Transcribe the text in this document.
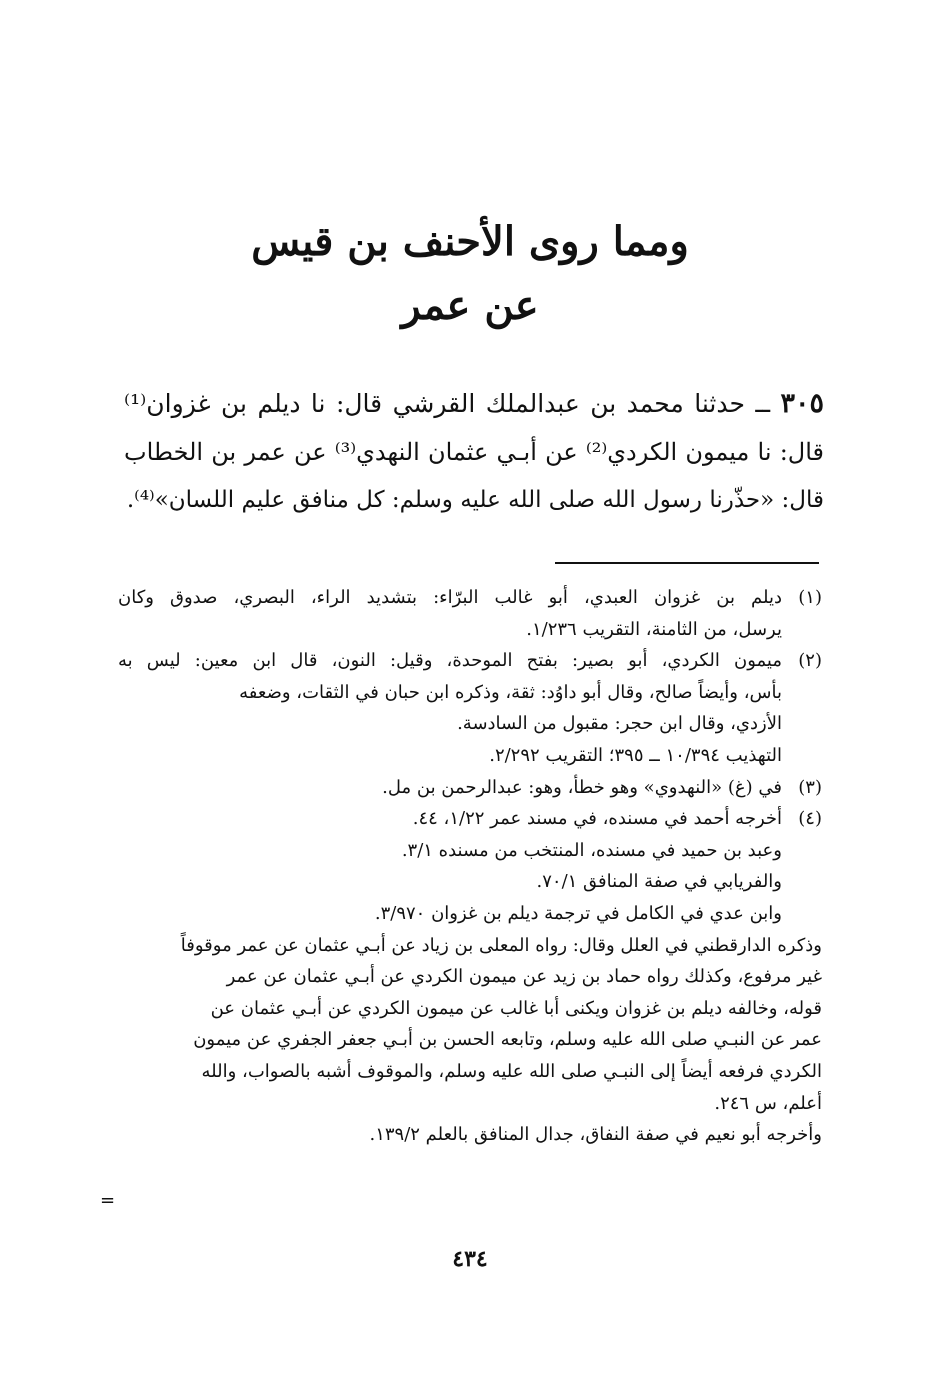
ومما روى الأحنف بن قيس
عن عمر
٣٠٥ ــ حدثنا محمد بن عبدالملك القرشي قال: نا ديلم بن غزوان⁽¹⁾
قال: نا ميمون الكردي⁽²⁾ عن أبـي عثمان النهدي⁽³⁾ عن عمر بن الخطاب
قال: «حذّرنا رسول الله صلى الله عليه وسلم: كل منافق عليم اللسان»⁽⁴⁾.
(١)ديلم بن غزوان العبدي، أبو غالب البرّاء: بتشديد الراء، البصري، صدوق وكان
يرسل، من الثامنة، التقريب ١/٢٣٦.
(٢)ميمون الكردي، أبو بصير: بفتح الموحدة، وقيل: النون، قال ابن معين: ليس به
بأس، وأيضاً صالح، وقال أبو داوُد: ثقة، وذكره ابن حبان في الثقات، وضعفه
الأزدي، وقال ابن حجر: مقبول من السادسة.
التهذيب ١٠/٣٩٤ ــ ٣٩٥؛ التقريب ٢/٢٩٢.
(٣)في (غ) «النهدوي» وهو خطأ، وهو: عبدالرحمن بن مل.
(٤)أخرجه أحمد في مسنده، في مسند عمر ١/٢٢، ٤٤.
وعبد بن حميد في مسنده، المنتخب من مسنده ٣/١.
والفريابي في صفة المنافق ٧٠/١.
وابن عدي في الكامل في ترجمة ديلم بن غزوان ٣/٩٧٠.
وذكره الدارقطني في العلل وقال: رواه المعلى بن زياد عن أبـي عثمان عن عمر موقوفاً
غير مرفوع، وكذلك رواه حماد بن زيد عن ميمون الكردي عن أبـي عثمان عن عمر
قوله، وخالفه ديلم بن غزوان ويكنى أبا غالب عن ميمون الكردي عن أبـي عثمان عن
عمر عن النبـي صلى الله عليه وسلم، وتابعه الحسن بن أبـي جعفر الجفري عن ميمون
الكردي فرفعه أيضاً إلى النبـي صلى الله عليه وسلم، والموقوف أشبه بالصواب، والله
أعلم، س ٢٤٦.
وأخرجه أبو نعيم في صفة النفاق، جدال المنافق بالعلم ١٣٩/٢.
=
٤٣٤
